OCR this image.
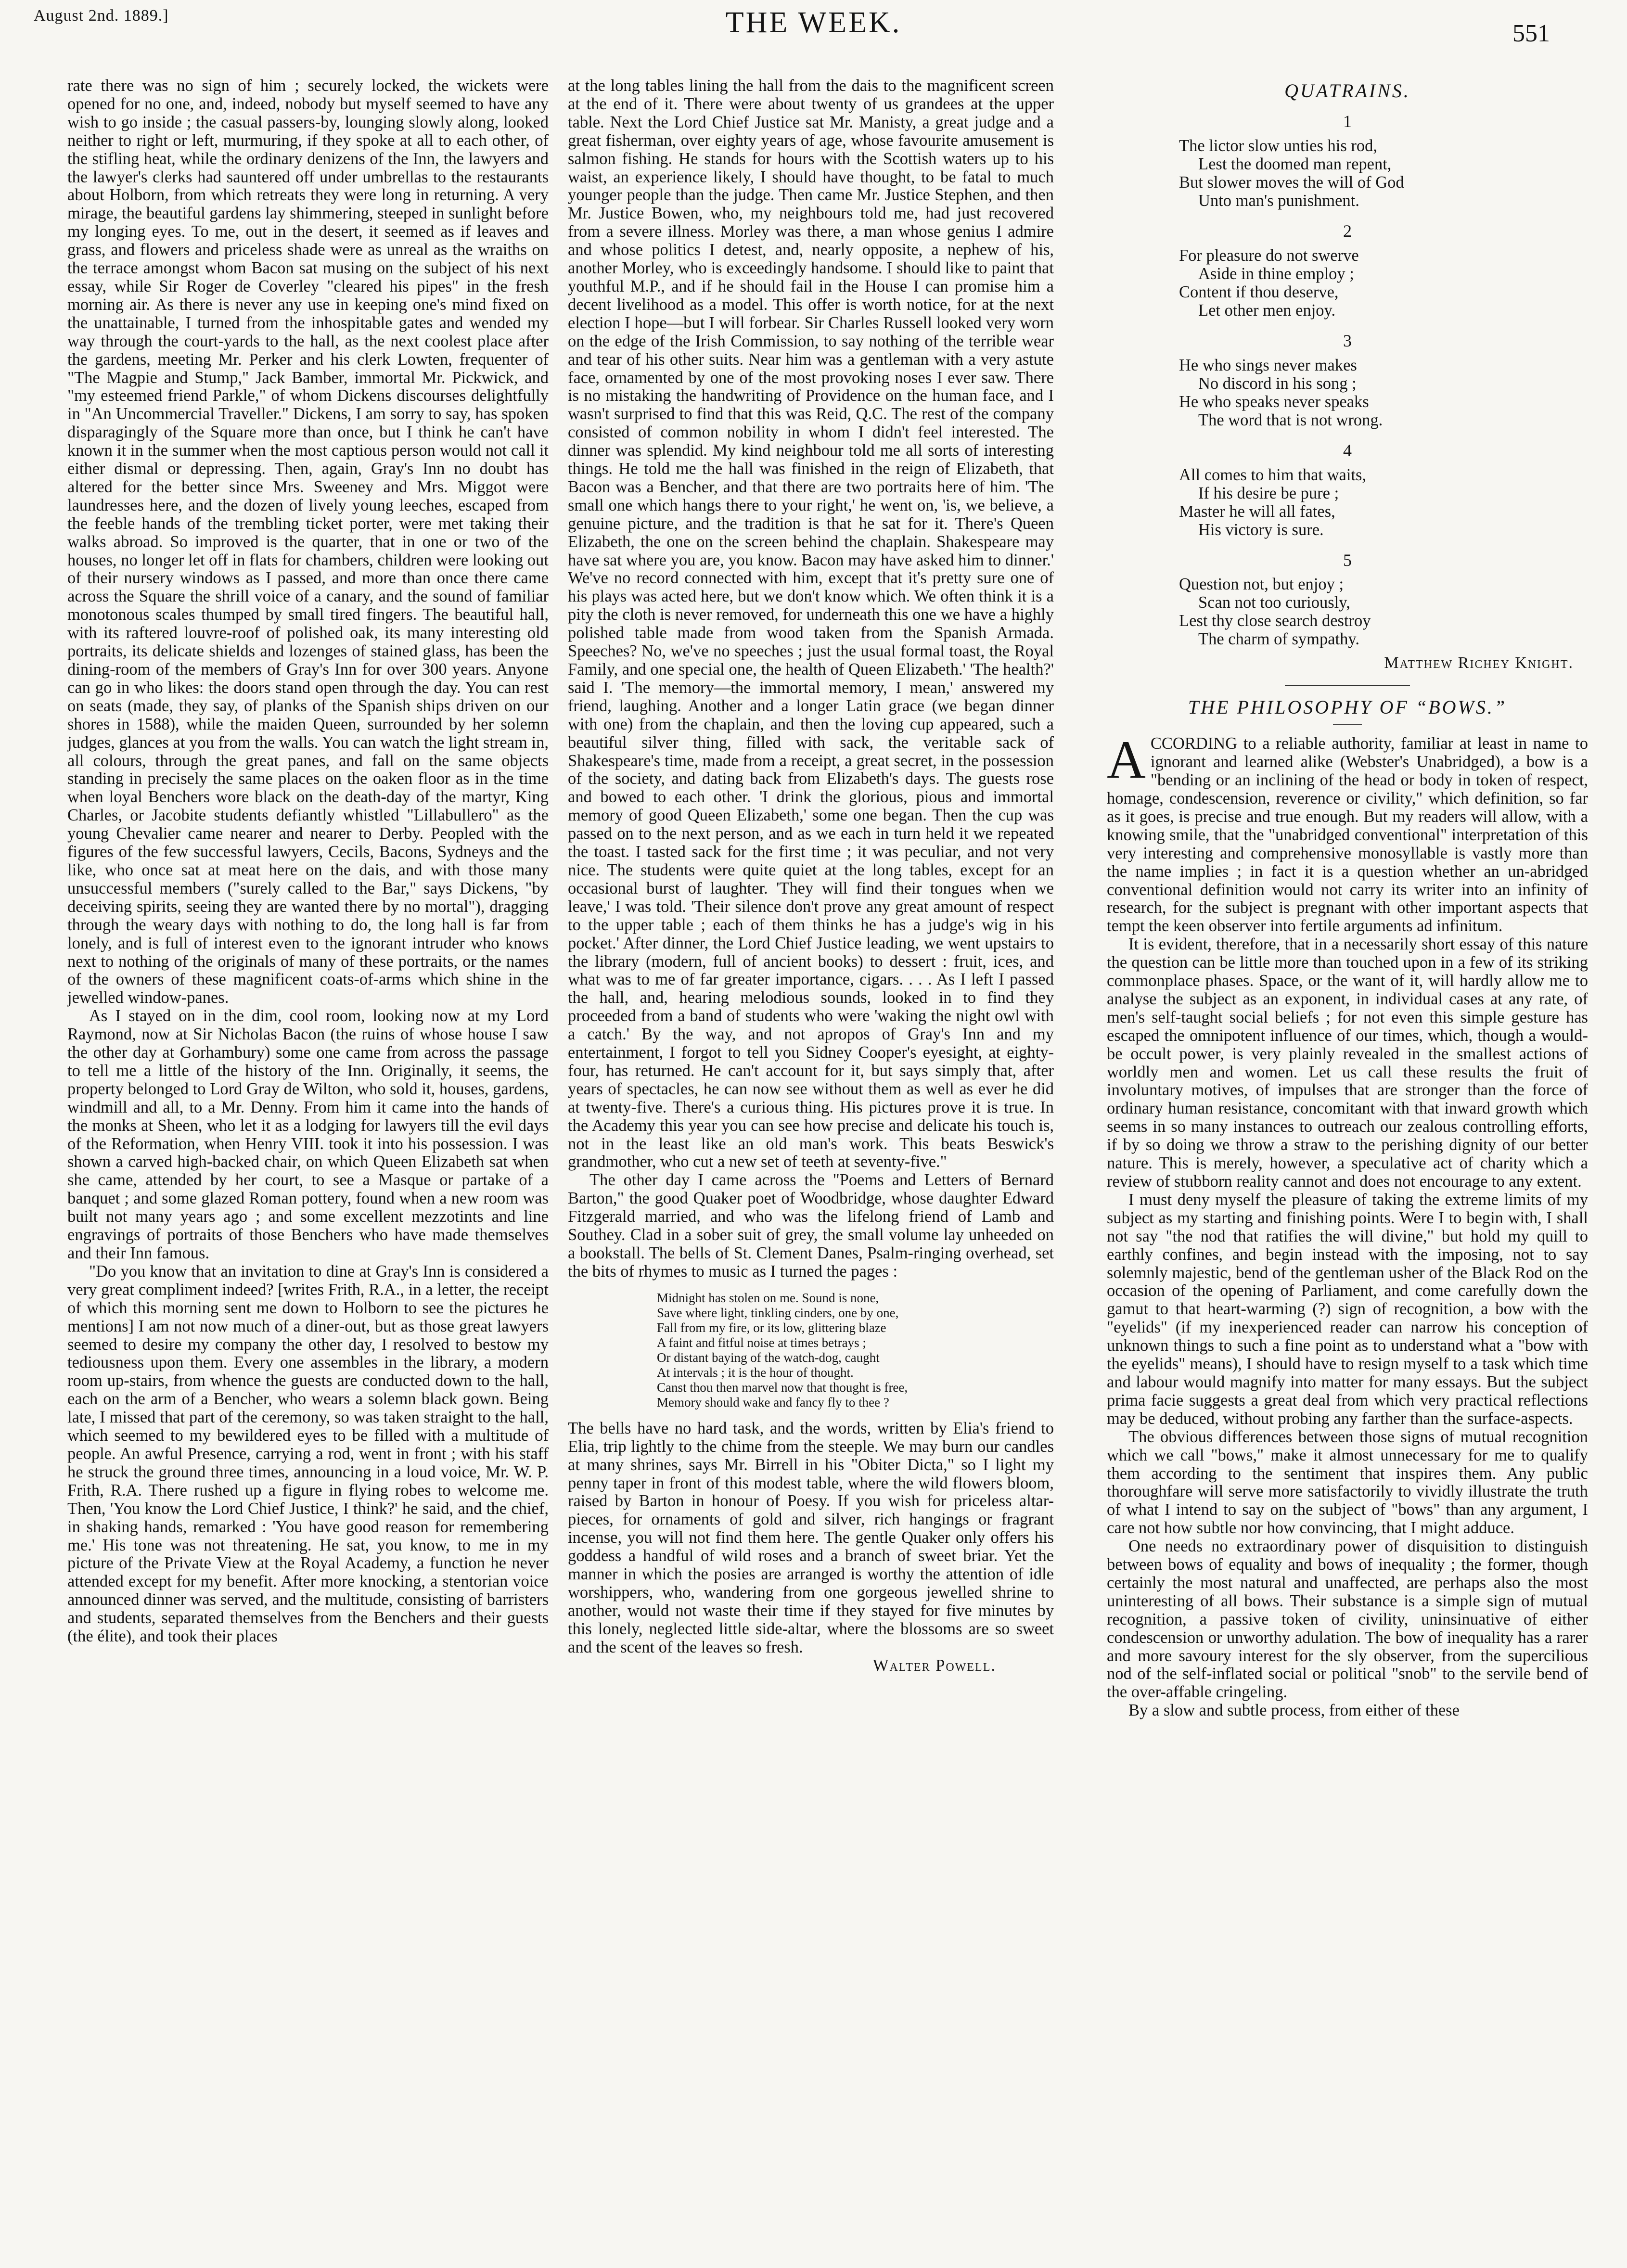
August 2nd. 1889.]	THE WEEK.	551

rate there was no sign of him ; securely locked, the wickets were opened for no one, and, indeed, nobody but myself seemed to have any wish to go inside ; the casual passers-by, lounging slowly along, looked neither to right or left, murmuring, if they spoke at all to each other, of the stifling heat, while the ordinary denizens of the Inn, the lawyers and the lawyer's clerks had sauntered off under umbrellas to the restaurants about Holborn, from which retreats they were long in returning. A very mirage, the beautiful gardens lay shimmering, steeped in sunlight before my longing eyes. To me, out in the desert, it seemed as if leaves and grass, and flowers and priceless shade were as unreal as the wraiths on the terrace amongst whom Bacon sat musing on the subject of his next essay, while Sir Roger de Coverley "cleared his pipes" in the fresh morning air. As there is never any use in keeping one's mind fixed on the unattainable, I turned from the inhospitable gates and wended my way through the court-yards to the hall, as the next coolest place after the gardens, meeting Mr. Perker and his clerk Lowten, frequenter of "The Magpie and Stump," Jack Bamber, immortal Mr. Pickwick, and "my esteemed friend Parkle," of whom Dickens discourses delightfully in "An Uncommercial Traveller." Dickens, I am sorry to say, has spoken disparagingly of the Square more than once, but I think he can't have known it in the summer when the most captious person would not call it either dismal or depressing. Then, again, Gray's Inn no doubt has altered for the better since Mrs. Sweeney and Mrs. Miggot were laundresses here, and the dozen of lively young leeches, escaped from the feeble hands of the trembling ticket porter, were met taking their walks abroad. So improved is the quarter, that in one or two of the houses, no longer let off in flats for chambers, children were looking out of their nursery windows as I passed, and more than once there came across the Square the shrill voice of a canary, and the sound of familiar monotonous scales thumped by small tired fingers. The beautiful hall, with its raftered louvre-roof of polished oak, its many interesting old portraits, its delicate shields and lozenges of stained glass, has been the dining-room of the members of Gray's Inn for over 300 years. Anyone can go in who likes: the doors stand open through the day. You can rest on seats (made, they say, of planks of the Spanish ships driven on our shores in 1588), while the maiden Queen, surrounded by her solemn judges, glances at you from the walls. You can watch the light stream in, all colours, through the great panes, and fall on the same objects standing in precisely the same places on the oaken floor as in the time when loyal Benchers wore black on the death-day of the martyr, King Charles, or Jacobite students defiantly whistled "Lillabullero" as the young Chevalier came nearer and nearer to Derby. Peopled with the figures of the few successful lawyers, Cecils, Bacons, Sydneys and the like, who once sat at meat here on the dais, and with those many unsuccessful members ("surely called to the Bar," says Dickens, "by deceiving spirits, seeing they are wanted there by no mortal"), dragging through the weary days with nothing to do, the long hall is far from lonely, and is full of interest even to the ignorant intruder who knows next to nothing of the originals of many of these portraits, or the names of the owners of these magnificent coats-of-arms which shine in the jewelled window-panes.

As I stayed on in the dim, cool room, looking now at my Lord Raymond, now at Sir Nicholas Bacon (the ruins of whose house I saw the other day at Gorhambury) some one came from across the passage to tell me a little of the history of the Inn. Originally, it seems, the property belonged to Lord Gray de Wilton, who sold it, houses, gardens, windmill and all, to a Mr. Denny. From him it came into the hands of the monks at Sheen, who let it as a lodging for lawyers till the evil days of the Reformation, when Henry VIII. took it into his possession. I was shown a carved high-backed chair, on which Queen Elizabeth sat when she came, attended by her court, to see a Masque or partake of a banquet ; and some glazed Roman pottery, found when a new room was built not many years ago ; and some excellent mezzotints and line engravings of portraits of those Benchers who have made themselves and their Inn famous.

"Do you know that an invitation to dine at Gray's Inn is considered a very great compliment indeed? [writes Frith, R.A., in a letter, the receipt of which this morning sent me down to Holborn to see the pictures he mentions] I am not now much of a diner-out, but as those great lawyers seemed to desire my company the other day, I resolved to bestow my tediousness upon them. Every one assembles in the library, a modern room up-stairs, from whence the guests are conducted down to the hall, each on the arm of a Bencher, who wears a solemn black gown. Being late, I missed that part of the ceremony, so was taken straight to the hall, which seemed to my bewildered eyes to be filled with a multitude of people. An awful Presence, carrying a rod, went in front ; with his staff he struck the ground three times, announcing in a loud voice, Mr. W. P. Frith, R.A. There rushed up a figure in flying robes to welcome me. Then, 'You know the Lord Chief Justice, I think?' he said, and the chief, in shaking hands, remarked : 'You have good reason for remembering me.' His tone was not threatening. He sat, you know, to me in my picture of the Private View at the Royal Academy, a function he never attended except for my benefit. After more knocking, a stentorian voice announced dinner was served, and the multitude, consisting of barristers and students, separated themselves from the Benchers and their guests (the élite), and took their places

at the long tables lining the hall from the dais to the magnificent screen at the end of it. There were about twenty of us grandees at the upper table. Next the Lord Chief Justice sat Mr. Manisty, a great judge and a great fisherman, over eighty years of age, whose favourite amusement is salmon fishing. He stands for hours with the Scottish waters up to his waist, an experience likely, I should have thought, to be fatal to much younger people than the judge. Then came Mr. Justice Stephen, and then Mr. Justice Bowen, who, my neighbours told me, had just recovered from a severe illness. Morley was there, a man whose genius I admire and whose politics I detest, and, nearly opposite, a nephew of his, another Morley, who is exceedingly handsome. I should like to paint that youthful M.P., and if he should fail in the House I can promise him a decent livelihood as a model. This offer is worth notice, for at the next election I hope—but I will forbear. Sir Charles Russell looked very worn on the edge of the Irish Commission, to say nothing of the terrible wear and tear of his other suits. Near him was a gentleman with a very astute face, ornamented by one of the most provoking noses I ever saw. There is no mistaking the handwriting of Providence on the human face, and I wasn't surprised to find that this was Reid, Q.C. The rest of the company consisted of common nobility in whom I didn't feel interested. The dinner was splendid. My kind neighbour told me all sorts of interesting things. He told me the hall was finished in the reign of Elizabeth, that Bacon was a Bencher, and that there are two portraits here of him. 'The small one which hangs there to your right,' he went on, 'is, we believe, a genuine picture, and the tradition is that he sat for it. There's Queen Elizabeth, the one on the screen behind the chaplain. Shakespeare may have sat where you are, you know. Bacon may have asked him to dinner.' We've no record connected with him, except that it's pretty sure one of his plays was acted here, but we don't know which. We often think it is a pity the cloth is never removed, for underneath this one we have a highly polished table made from wood taken from the Spanish Armada. Speeches? No, we've no speeches ; just the usual formal toast, the Royal Family, and one special one, the health of Queen Elizabeth.' 'The health?' said I. 'The memory—the immortal memory, I mean,' answered my friend, laughing. Another and a longer Latin grace (we began dinner with one) from the chaplain, and then the loving cup appeared, such a beautiful silver thing, filled with sack, the veritable sack of Shakespeare's time, made from a receipt, a great secret, in the possession of the society, and dating back from Elizabeth's days. The guests rose and bowed to each other. 'I drink the glorious, pious and immortal memory of good Queen Elizabeth,' some one began. Then the cup was passed on to the next person, and as we each in turn held it we repeated the toast. I tasted sack for the first time ; it was peculiar, and not very nice. The students were quite quiet at the long tables, except for an occasional burst of laughter. 'They will find their tongues when we leave,' I was told. 'Their silence don't prove any great amount of respect to the upper table ; each of them thinks he has a judge's wig in his pocket.' After dinner, the Lord Chief Justice leading, we went upstairs to the library (modern, full of ancient books) to dessert : fruit, ices, and what was to me of far greater importance, cigars. . . . As I left I passed the hall, and, hearing melodious sounds, looked in to find they proceeded from a band of students who were 'waking the night owl with a catch.' By the way, and not apropos of Gray's Inn and my entertainment, I forgot to tell you Sidney Cooper's eyesight, at eighty-four, has returned. He can't account for it, but says simply that, after years of spectacles, he can now see without them as well as ever he did at twenty-five. There's a curious thing. His pictures prove it is true. In the Academy this year you can see how precise and delicate his touch is, not in the least like an old man's work. This beats Beswick's grandmother, who cut a new set of teeth at seventy-five."

The other day I came across the "Poems and Letters of Bernard Barton," the good Quaker poet of Woodbridge, whose daughter Edward Fitzgerald married, and who was the lifelong friend of Lamb and Southey. Clad in a sober suit of grey, the small volume lay unheeded on a bookstall. The bells of St. Clement Danes, Psalm-ringing overhead, set the bits of rhymes to music as I turned the pages :

Midnight has stolen on me. Sound is none,
Save where light, tinkling cinders, one by one,
Fall from my fire, or its low, glittering blaze
A faint and fitful noise at times betrays ;
Or distant baying of the watch-dog, caught
At intervals ; it is the hour of thought.
Canst thou then marvel now that thought is free,
Memory should wake and fancy fly to thee ?

The bells have no hard task, and the words, written by Elia's friend to Elia, trip lightly to the chime from the steeple. We may burn our candles at many shrines, says Mr. Birrell in his "Obiter Dicta," so I light my penny taper in front of this modest table, where the wild flowers bloom, raised by Barton in honour of Poesy. If you wish for priceless altar-pieces, for ornaments of gold and silver, rich hangings or fragrant incense, you will not find them here. The gentle Quaker only offers his goddess a handful of wild roses and a branch of sweet briar. Yet the manner in which the posies are arranged is worthy the attention of idle worshippers, who, wandering from one gorgeous jewelled shrine to another, would not waste their time if they stayed for five minutes by this lonely, neglected little side-altar, where the blossoms are so sweet and the scent of the leaves so fresh.

Walter Powell.

QUATRAINS.
1
The lictor slow unties his rod,
Lest the doomed man repent,
But slower moves the will of God
Unto man's punishment.
2
For pleasure do not swerve
Aside in thine employ ;
Content if thou deserve,
Let other men enjoy.
3
He who sings never makes
No discord in his song ;
He who speaks never speaks
The word that is not wrong.
4
All comes to him that waits,
If his desire be pure ;
Master he will all fates,
His victory is sure.
5
Question not, but enjoy ;
Scan not too curiously,
Lest thy close search destroy
The charm of sympathy.
Matthew Richey Knight.
THE PHILOSOPHY OF “BOWS.”

ACCORDING to a reliable authority, familiar at least in name to ignorant and learned alike (Webster's Unabridged), a bow is a "bending or an inclining of the head or body in token of respect, homage, condescension, reverence or civility," which definition, so far as it goes, is precise and true enough. But my readers will allow, with a knowing smile, that the "unabridged conventional" interpretation of this very interesting and comprehensive monosyllable is vastly more than the name implies ; in fact it is a question whether an un-abridged conventional definition would not carry its writer into an infinity of research, for the subject is pregnant with other important aspects that tempt the keen observer into fertile arguments ad infinitum.

It is evident, therefore, that in a necessarily short essay of this nature the question can be little more than touched upon in a few of its striking commonplace phases. Space, or the want of it, will hardly allow me to analyse the subject as an exponent, in individual cases at any rate, of men's self-taught social beliefs ; for not even this simple gesture has escaped the omnipotent influence of our times, which, though a would-be occult power, is very plainly revealed in the smallest actions of worldly men and women. Let us call these results the fruit of involuntary motives, of impulses that are stronger than the force of ordinary human resistance, concomitant with that inward growth which seems in so many instances to outreach our zealous controlling efforts, if by so doing we throw a straw to the perishing dignity of our better nature. This is merely, however, a speculative act of charity which a review of stubborn reality cannot and does not encourage to any extent.

I must deny myself the pleasure of taking the extreme limits of my subject as my starting and finishing points. Were I to begin with, I shall not say "the nod that ratifies the will divine," but hold my quill to earthly confines, and begin instead with the imposing, not to say solemnly majestic, bend of the gentleman usher of the Black Rod on the occasion of the opening of Parliament, and come carefully down the gamut to that heart-warming (?) sign of recognition, a bow with the "eyelids" (if my inexperienced reader can narrow his conception of unknown things to such a fine point as to understand what a "bow with the eyelids" means), I should have to resign myself to a task which time and labour would magnify into matter for many essays. But the subject prima facie suggests a great deal from which very practical reflections may be deduced, without probing any farther than the surface-aspects.

The obvious differences between those signs of mutual recognition which we call "bows," make it almost unnecessary for me to qualify them according to the sentiment that inspires them. Any public thoroughfare will serve more satisfactorily to vividly illustrate the truth of what I intend to say on the subject of "bows" than any argument, I care not how subtle nor how convincing, that I might adduce.

One needs no extraordinary power of disquisition to distinguish between bows of equality and bows of inequality ; the former, though certainly the most natural and unaffected, are perhaps also the most uninteresting of all bows. Their substance is a simple sign of mutual recognition, a passive token of civility, uninsinuative of either condescension or unworthy adulation. The bow of inequality has a rarer and more savoury interest for the sly observer, from the supercilious nod of the self-inflated social or political "snob" to the servile bend of the over-affable cringeling.

By a slow and subtle process, from either of these
